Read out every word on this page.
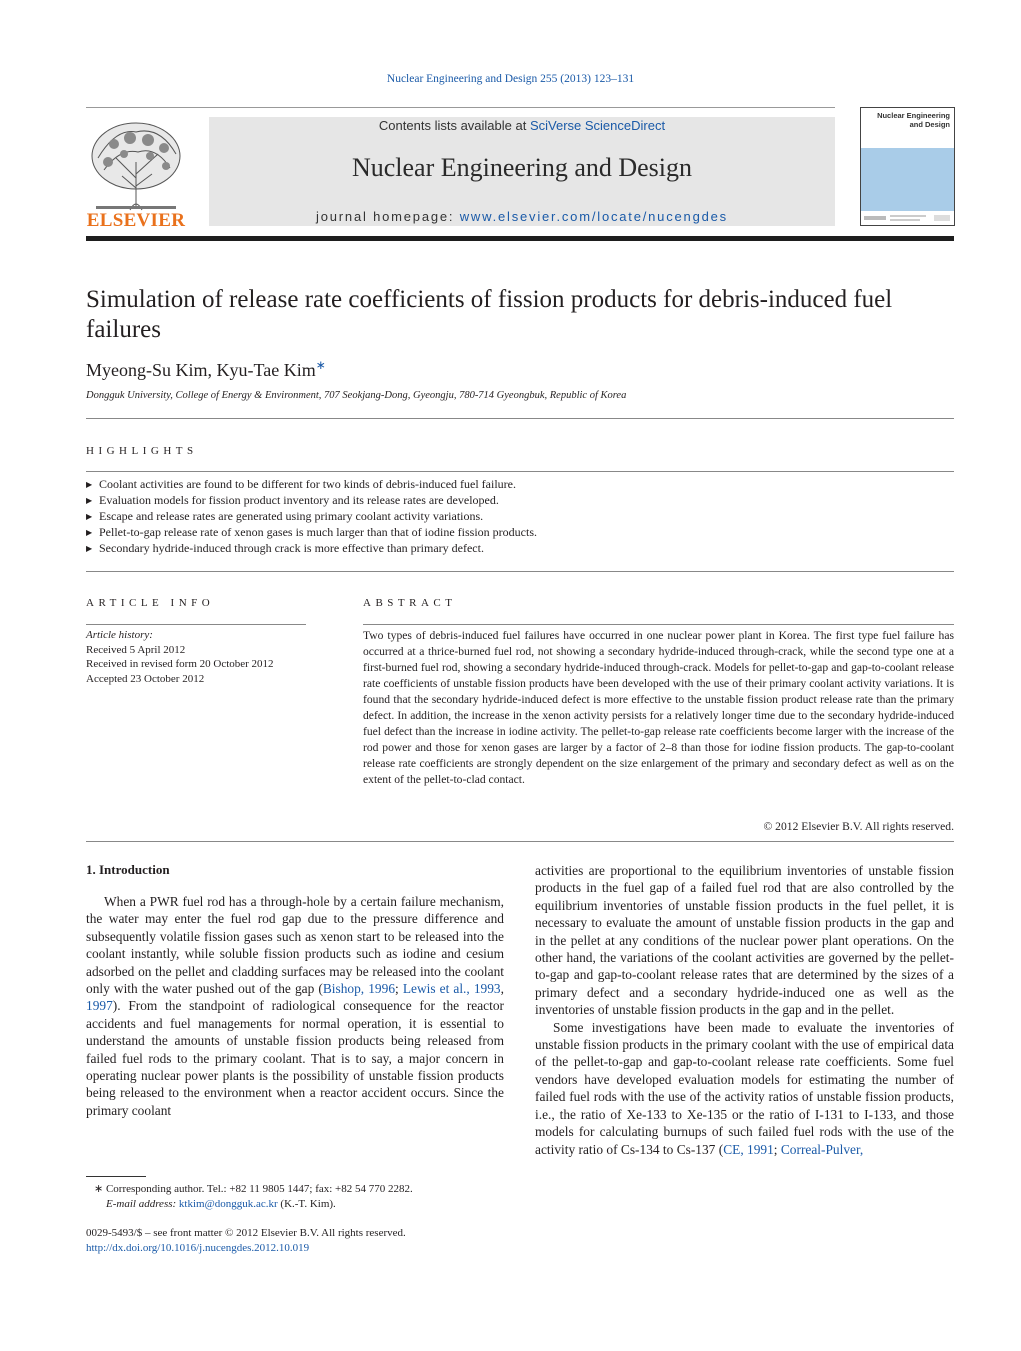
Nuclear Engineering and Design 255 (2013) 123–131
ELSEVIER
Contents lists available at SciVerse ScienceDirect
Nuclear Engineering and Design
journal homepage: www.elsevier.com/locate/nucengdes
Nuclear Engineering and Design
Simulation of release rate coefficients of fission products for debris-induced fuel failures
Myeong-Su Kim, Kyu-Tae Kim∗
Dongguk University, College of Energy & Environment, 707 Seokjang-Dong, Gyeongju, 780-714 Gyeongbuk, Republic of Korea
HIGHLIGHTS
▶ Coolant activities are found to be different for two kinds of debris-induced fuel failure.
▶ Evaluation models for fission product inventory and its release rates are developed.
▶ Escape and release rates are generated using primary coolant activity variations.
▶ Pellet-to-gap release rate of xenon gases is much larger than that of iodine fission products.
▶ Secondary hydride-induced through crack is more effective than primary defect.
ARTICLE INFO
Article history:
Received 5 April 2012
Received in revised form 20 October 2012
Accepted 23 October 2012
ABSTRACT
Two types of debris-induced fuel failures have occurred in one nuclear power plant in Korea. The first type fuel failure has occurred at a thrice-burned fuel rod, not showing a secondary hydride-induced through-crack, while the second type one at a first-burned fuel rod, showing a secondary hydride-induced through-crack. Models for pellet-to-gap and gap-to-coolant release rate coefficients of unstable fission products have been developed with the use of their primary coolant activity variations. It is found that the secondary hydride-induced defect is more effective to the unstable fission product release rate than the primary defect. In addition, the increase in the xenon activity persists for a relatively longer time due to the secondary hydride-induced fuel defect than the increase in iodine activity. The pellet-to-gap release rate coefficients become larger with the increase of the rod power and those for xenon gases are larger by a factor of 2–8 than those for iodine fission products. The gap-to-coolant release rate coefficients are strongly dependent on the size enlargement of the primary and secondary defect as well as on the extent of the pellet-to-clad contact.
© 2012 Elsevier B.V. All rights reserved.
1. Introduction

When a PWR fuel rod has a through-hole by a certain failure mechanism, the water may enter the fuel rod gap due to the pressure difference and subsequently volatile fission gases such as xenon start to be released into the coolant instantly, while soluble fission products such as iodine and cesium adsorbed on the pellet and cladding surfaces may be released into the coolant only with the water pushed out of the gap (Bishop, 1996; Lewis et al., 1993, 1997). From the standpoint of radiological consequence for the reactor accidents and fuel managements for normal operation, it is essential to understand the amounts of unstable fission products being released from failed fuel rods to the primary coolant. That is to say, a major concern in operating nuclear power plants is the possibility of unstable fission products being released to the environment when a reactor accident occurs. Since the primary coolant

activities are proportional to the equilibrium inventories of unstable fission products in the fuel gap of a failed fuel rod that are also controlled by the equilibrium inventories of unstable fission products in the fuel pellet, it is necessary to evaluate the amount of unstable fission products in the gap and in the pellet at any conditions of the nuclear power plant operations. On the other hand, the variations of the coolant activities are governed by the pellet-to-gap and gap-to-coolant release rates that are determined by the sizes of a primary defect and a secondary hydride-induced one as well as the inventories of unstable fission products in the gap and in the pellet.

Some investigations have been made to evaluate the inventories of unstable fission products in the primary coolant with the use of empirical data of the pellet-to-gap and gap-to-coolant release rate coefficients. Some fuel vendors have developed evaluation models for estimating the number of failed fuel rods with the use of the activity ratios of unstable fission products, i.e., the ratio of Xe-133 to Xe-135 or the ratio of I-131 to I-133, and those models for calculating burnups of such failed fuel rods with the use of the activity ratio of Cs-134 to Cs-137 (CE, 1991; Correal-Pulver,

∗ Corresponding author. Tel.: +82 11 9805 1447; fax: +82 54 770 2282.
E-mail address: ktkim@dongguk.ac.kr (K.-T. Kim).
0029-5493/$ – see front matter © 2012 Elsevier B.V. All rights reserved.
http://dx.doi.org/10.1016/j.nucengdes.2012.10.019
